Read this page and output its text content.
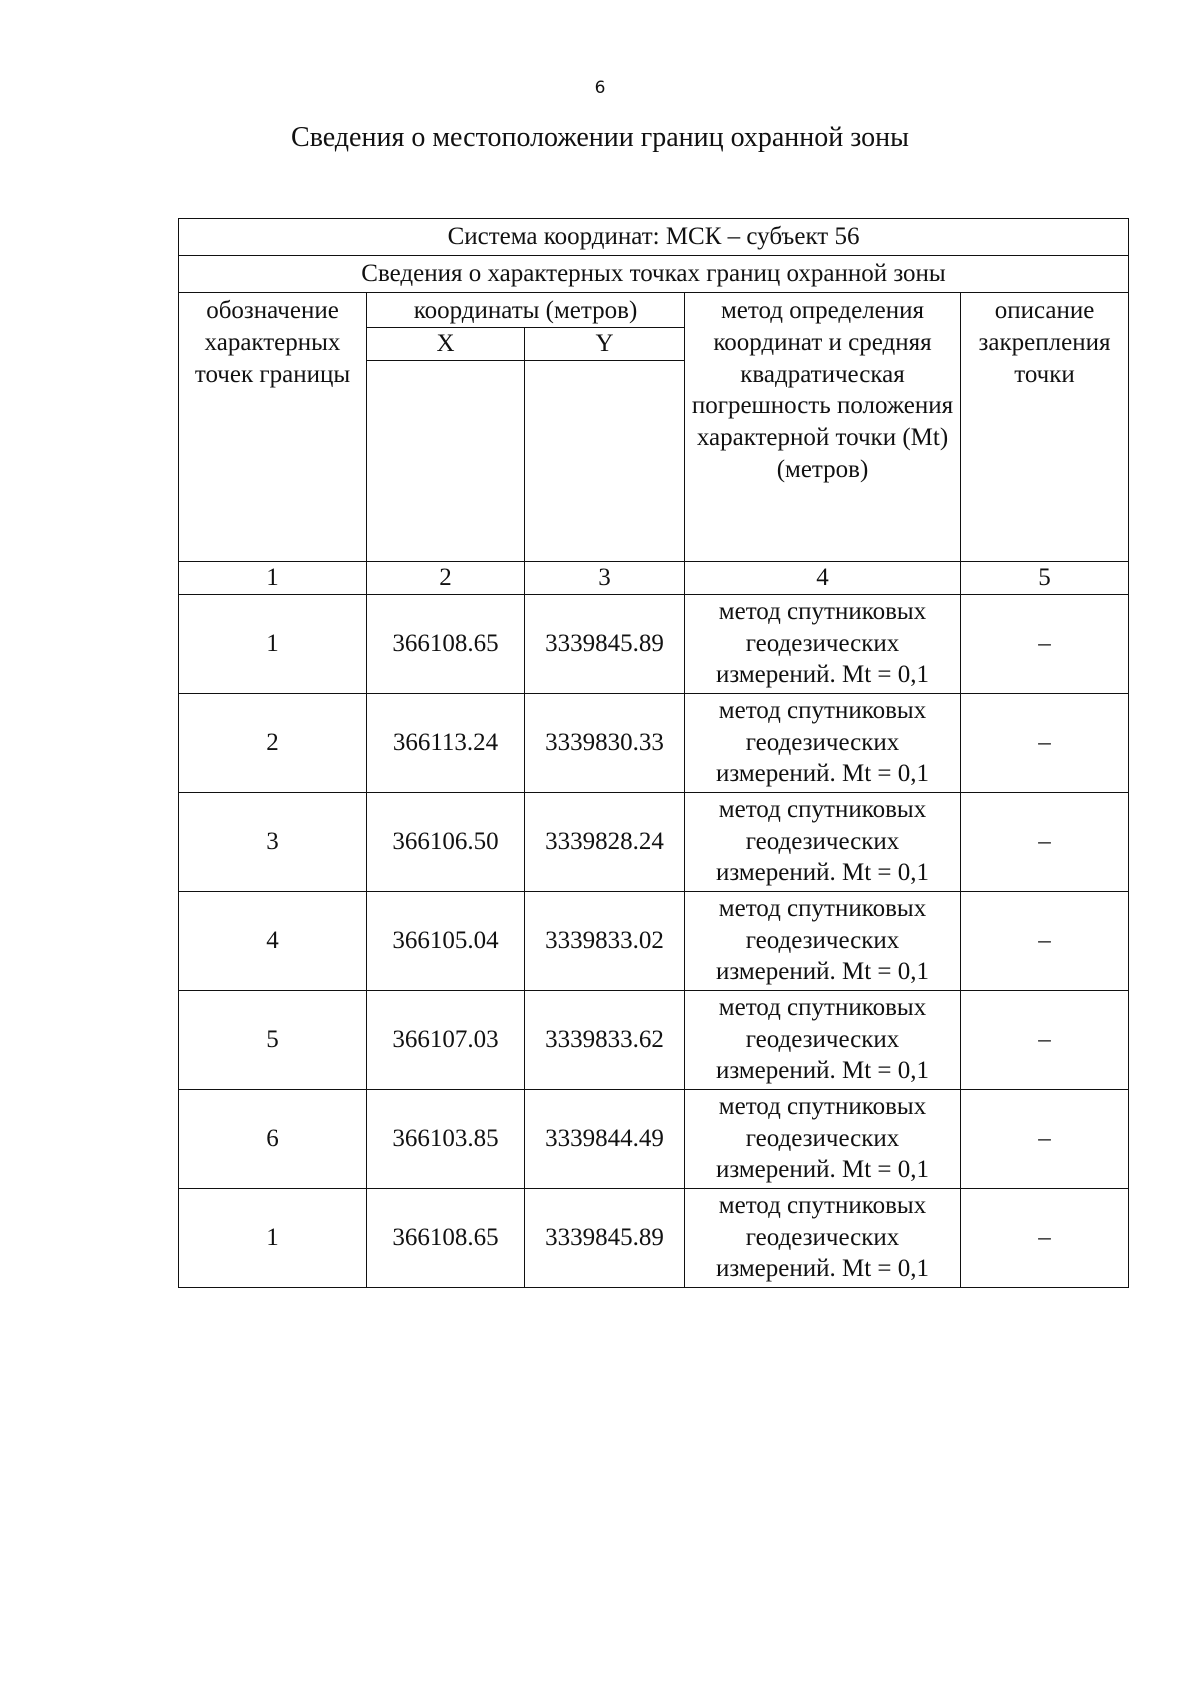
6
Сведения о местоположении границ охранной зоны
Система координат: МСК – субъект 56				
Сведения о характерных точках границ охранной зоны				
обозначение характерных точек границы	координаты (метров)		метод определения координат и средняя квадратическая погрешность положения характерной точки (Mt) (метров)	описание закрепления точки
	X	Y		

1	2	3	4	5
1	366108.65	3339845.89	метод спутниковых геодезических измерений. Mt = 0,1	–
2	366113.24	3339830.33	метод спутниковых геодезических измерений. Mt = 0,1	–
3	366106.50	3339828.24	метод спутниковых геодезических измерений. Mt = 0,1	–
4	366105.04	3339833.02	метод спутниковых геодезических измерений. Mt = 0,1	–
5	366107.03	3339833.62	метод спутниковых геодезических измерений. Mt = 0,1	–
6	366103.85	3339844.49	метод спутниковых геодезических измерений. Mt = 0,1	–
1	366108.65	3339845.89	метод спутниковых геодезических измерений. Mt = 0,1	–
